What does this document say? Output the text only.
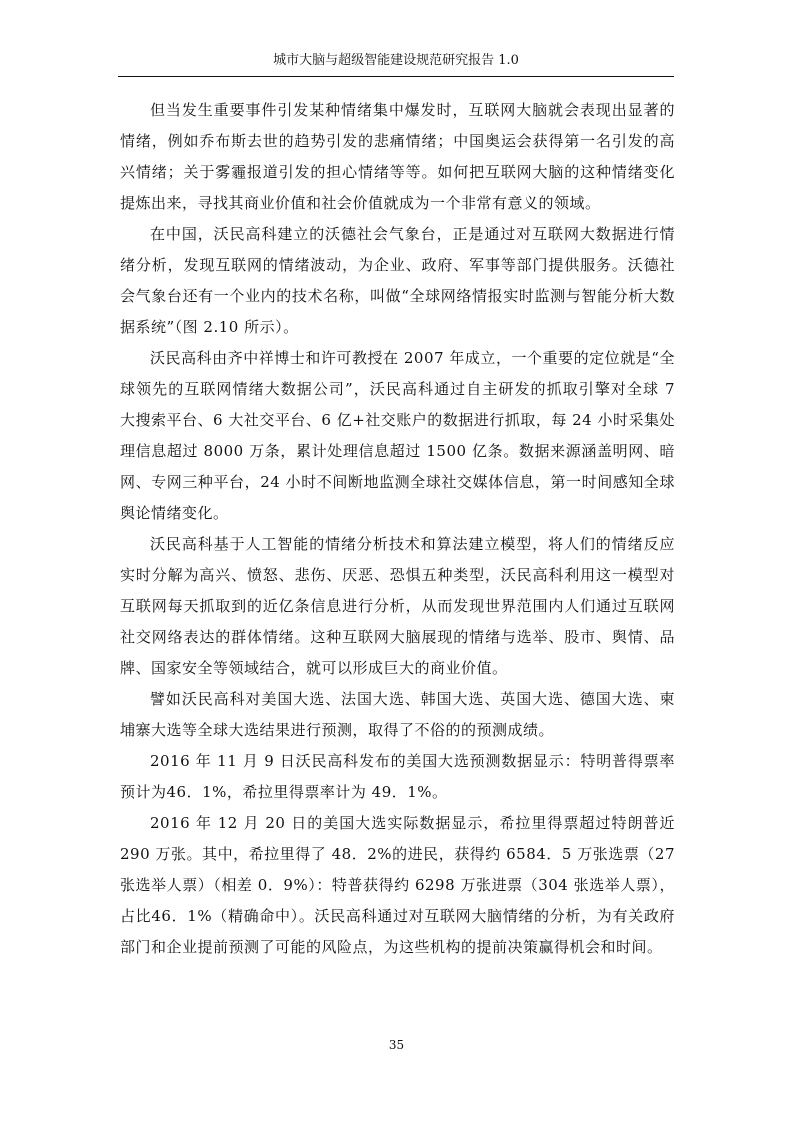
城市大脑与超级智能建设规范研究报告 1.0

但当发生重要事件引发某种情绪集中爆发时，互联网大脑就会表现出显著的情绪，例如乔布斯去世的趋势引发的悲痛情绪；中国奥运会获得第一名引发的高兴情绪；关于雾霾报道引发的担心情绪等等。如何把互联网大脑的这种情绪变化提炼出来，寻找其商业价值和社会价值就成为一个非常有意义的领域。

在中国，沃民高科建立的沃德社会气象台，正是通过对互联网大数据进行情绪分析，发现互联网的情绪波动，为企业、政府、军事等部门提供服务。沃德社会气象台还有一个业内的技术名称，叫做“全球网络情报实时监测与智能分析大数据系统”（图 2.10 所示）。

沃民高科由齐中祥博士和许可教授在 2007 年成立，一个重要的定位就是“全球领先的互联网情绪大数据公司”，沃民高科通过自主研发的抓取引擎对全球 7 大搜索平台、6 大社交平台、6 亿+社交账户的数据进行抓取，每 24 小时采集处理信息超过 8000 万条，累计处理信息超过 1500 亿条。数据来源涵盖明网、暗网、专网三种平台，24 小时不间断地监测全球社交媒体信息，第一时间感知全球舆论情绪变化。

沃民高科基于人工智能的情绪分析技术和算法建立模型，将人们的情绪反应实时分解为高兴、愤怒、悲伤、厌恶、恐惧五种类型，沃民高科利用这一模型对互联网每天抓取到的近亿条信息进行分析，从而发现世界范围内人们通过互联网社交网络表达的群体情绪。这种互联网大脑展现的情绪与选举、股市、舆情、品牌、国家安全等领域结合，就可以形成巨大的商业价值。

譬如沃民高科对美国大选、法国大选、韩国大选、英国大选、德国大选、柬埔寨大选等全球大选结果进行预测，取得了不俗的的预测成绩。

2016 年 11 月 9 日沃民高科发布的美国大选预测数据显示：特明普得票率预计为46．1%，希拉里得票率计为 49．1%。

2016 年 12 月 20 日的美国大选实际数据显示，希拉里得票超过特朗普近 290 万张。其中，希拉里得了 48．2%的进民，获得约 6584．5 万张选票（27 张选举人票）（相差 0．9%）：特普获得约 6298 万张进票（304 张选举人票），占比46．1%（精确命中）。沃民高科通过对互联网大脑情绪的分析，为有关政府部门和企业提前预测了可能的风险点，为这些机构的提前决策赢得机会和时间。

35
